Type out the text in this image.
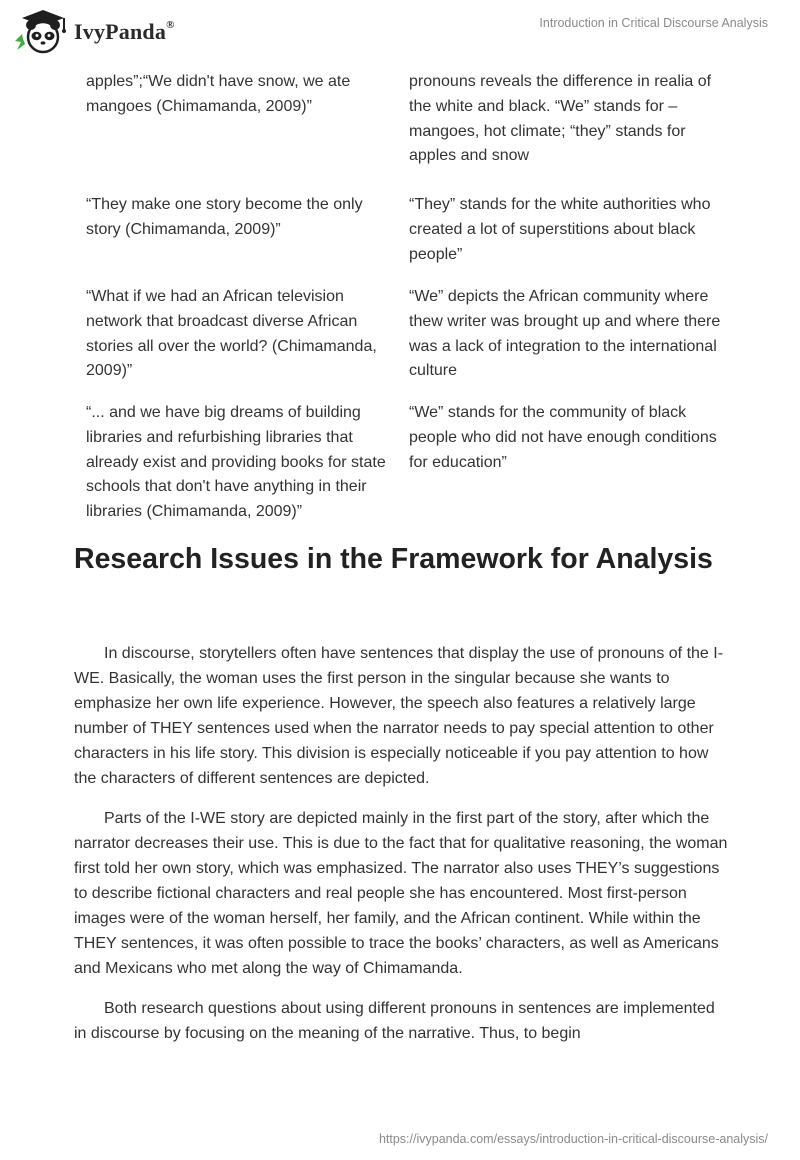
IvyPanda®	Introduction in Critical Discourse Analysis
apples”;“We didn't have snow, we ate mangoes (Chimamanda, 2009)”
pronouns reveals the difference in realia of the white and black. “We” stands for – mangoes, hot climate; “they” stands for apples and snow
“They make one story become the only story (Chimamanda, 2009)”
“They” stands for the white authorities who created a lot of superstitions about black people”
“What if we had an African television network that broadcast diverse African stories all over the world? (Chimamanda, 2009)”
“We” depicts the African community where thew writer was brought up and where there was a lack of integration to the international culture
“... and we have big dreams of building libraries and refurbishing libraries that already exist and providing books for state schools that don't have anything in their libraries (Chimamanda, 2009)”
“We” stands for the community of black people who did not have enough conditions for education”
Research Issues in the Framework for Analysis

In discourse, storytellers often have sentences that display the use of pronouns of the I-WE. Basically, the woman uses the first person in the singular because she wants to emphasize her own life experience. However, the speech also features a relatively large number of THEY sentences used when the narrator needs to pay special attention to other characters in his life story. This division is especially noticeable if you pay attention to how the characters of different sentences are depicted.

Parts of the I-WE story are depicted mainly in the first part of the story, after which the narrator decreases their use. This is due to the fact that for qualitative reasoning, the woman first told her own story, which was emphasized. The narrator also uses THEY’s suggestions to describe fictional characters and real people she has encountered. Most first-person images were of the woman herself, her family, and the African continent. While within the THEY sentences, it was often possible to trace the books’ characters, as well as Americans and Mexicans who met along the way of Chimamanda.

Both research questions about using different pronouns in sentences are implemented in discourse by focusing on the meaning of the narrative. Thus, to begin

https://ivypanda.com/essays/introduction-in-critical-discourse-analysis/
